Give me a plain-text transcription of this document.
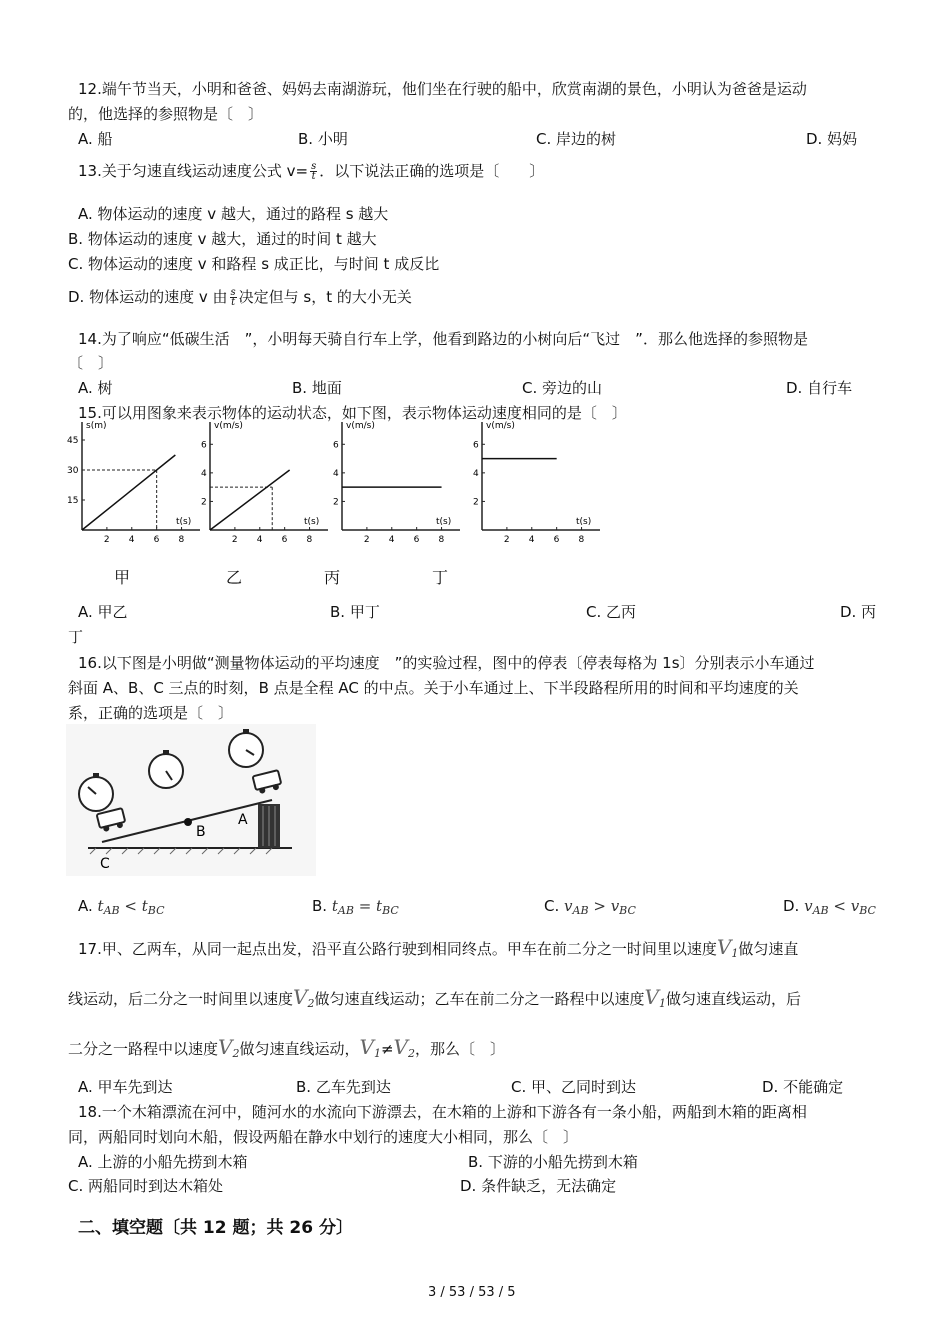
12.端午节当天，小明和爸爸、妈妈去南湖游玩，他们坐在行驶的船中，欣赏南湖的景色，小明认为爸爸是运动
的，他选择的参照物是〔　〕
A. 船	B. 小明	C. 岸边的树	D. 妈妈
13.关于匀速直线运动速度公式 $v= \frac{s}{t}$ ．以下说法正确的选项是〔　　〕
A. 物体运动的速度 v 越大，通过的路程 s 越大
B. 物体运动的速度 v 越大，通过的时间 t 越大
C. 物体运动的速度 v 和路程 s 成正比，与时间 t 成反比
D. 物体运动的速度 v 由 $\frac{s}{t}$ 决定但与 s，t 的大小无关
14.为了响应“低碳生活　”，小明每天骑自行车上学，他看到路边的小树向后“飞过　”．那么他选择的参照物是
〔　〕
A. 树	B. 地面	C. 旁边的山	D. 自行车
15.可以用图象来表示物体的运动状态，如下图，表示物体运动速度相同的是〔　〕
s(m)
t(s)
2 4 6 8
15
30
45
v(m/s)
t(s)
2 4 6 8
2
4
6
v(m/s)
t(s)
2 4 6 8
2
4
6
v(m/s)
t(s)
2 4 6 8
2
4
6
甲	乙	丙	丁
A. 甲乙	B. 甲丁	C. 乙丙	D. 丙
丁
16.以下图是小明做“测量物体运动的平均速度　”的实验过程，图中的停表〔停表每格为 1s〕分别表示小车通过
斜面 A、B、C 三点的时刻，B 点是全程 AC 的中点。关于小车通过上、下半段路程所用的时间和平均速度的关
系，正确的选项是〔　〕
B
A
C
A. $t_{AB} < t_{BC}$	B. $t_{AB} = t_{BC}$	C. $v_{AB} > v_{BC}$	D. $v_{AB} < v_{BC}$
17.甲、乙两车，从同一起点出发，沿平直公路行驶到相同终点。甲车在前二分之一时间里以速度$V_1$做匀速直
线运动，后二分之一时间里以速度$V_2$做匀速直线运动；乙车在前二分之一路程中以速度$V_1$做匀速直线运动，后
二分之一路程中以速度$V_2$做匀速直线运动，$V_1\ne V_2$，那么〔　〕
A. 甲车先到达	B. 乙车先到达	C. 甲、乙同时到达	D. 不能确定
18.一个木箱漂流在河中，随河水的水流向下游漂去，在木箱的上游和下游各有一条小船，两船到木箱的距离相
同，两船同时划向木船，假设两船在静水中划行的速度大小相同，那么〔　〕
A. 上游的小船先捞到木箱	B. 下游的小船先捞到木箱
C. 两船同时到达木箱处	D. 条件缺乏，无法确定
二、填空题〔共 12 题；共 26 分〕
3 / 53 / 53 / 5
